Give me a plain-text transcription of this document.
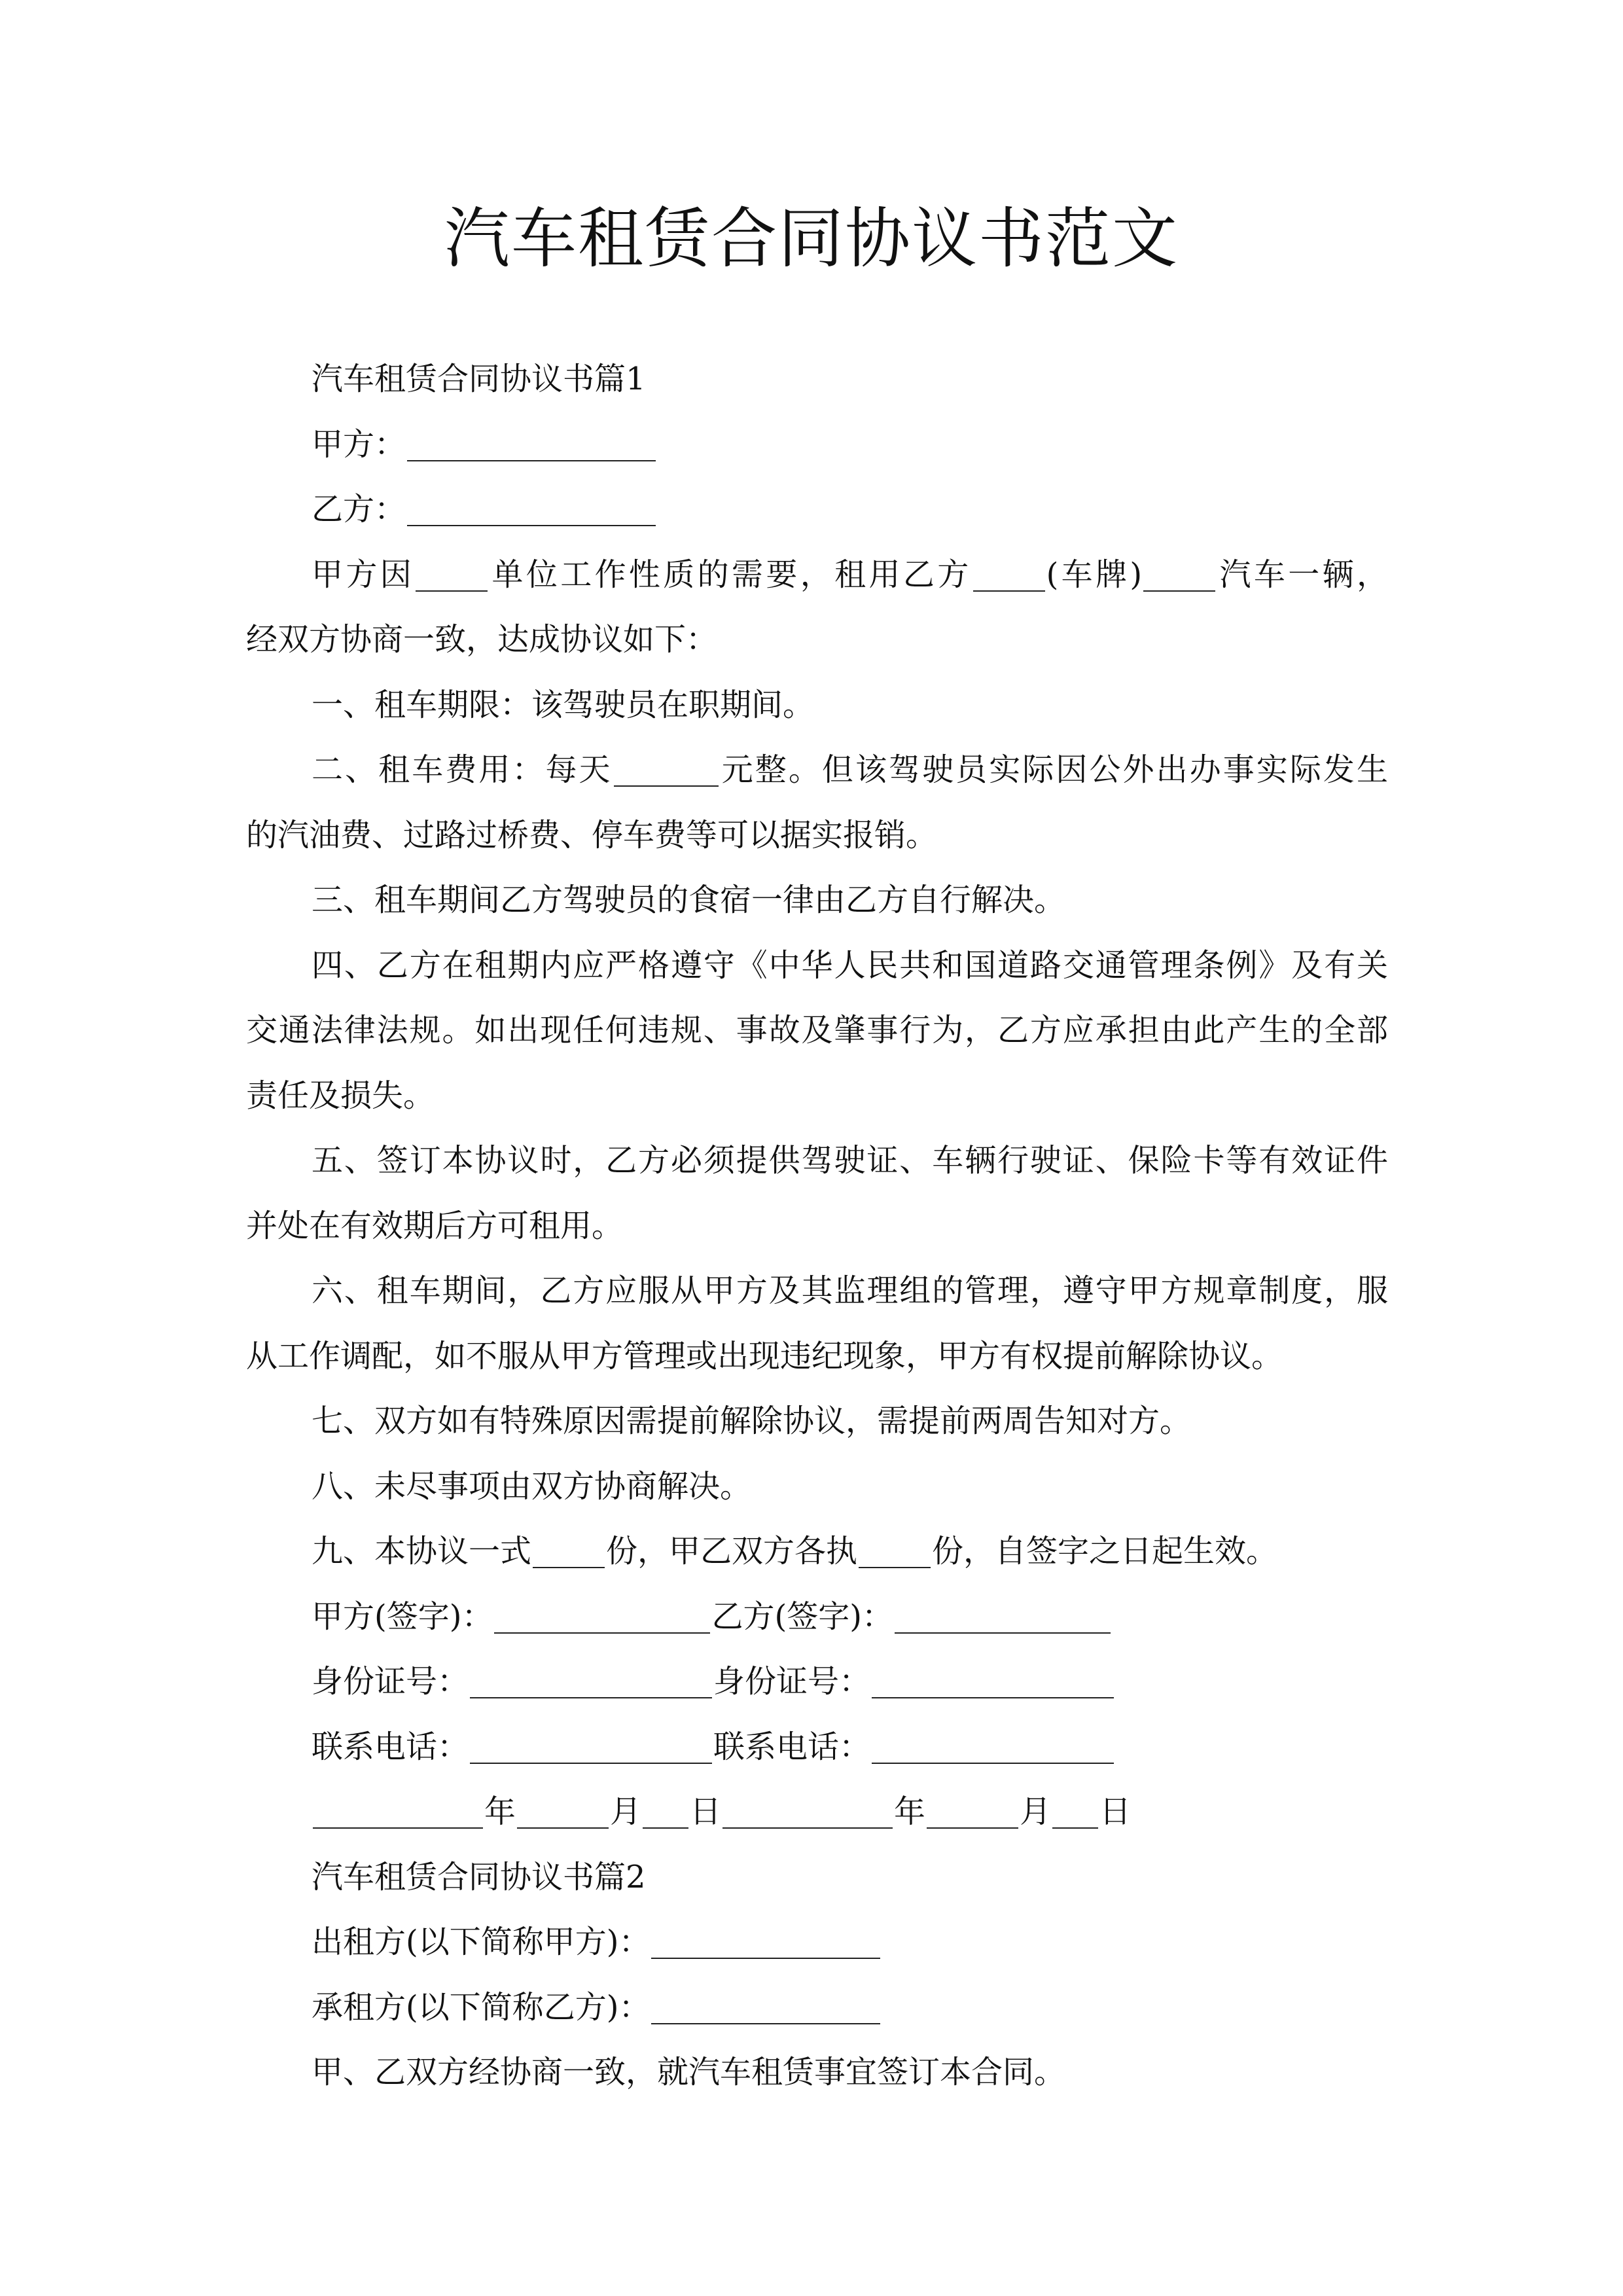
汽车租赁合同协议书范文
汽车租赁合同协议书篇1
甲方：
乙方：
甲方因 单位工作性质的需要，租用乙方 (车牌) 汽车一辆，
经双方协商一致，达成协议如下：
一、租车期限：该驾驶员在职期间。
二、租车费用：每天	元整。但该驾驶员实际因公外出办事实际发生
的汽油费、过路过桥费、停车费等可以据实报销。
三、租车期间乙方驾驶员的食宿一律由乙方自行解决。
四、乙方在租期内应严格遵守《中华人民共和国道路交通管理条例》及有关
交通法律法规。如出现任何违规、事故及肇事行为，乙方应承担由此产生的全部
责任及损失。
五、签订本协议时，乙方必须提供驾驶证、车辆行驶证、保险卡等有效证件
并处在有效期后方可租用。
六、租车期间，乙方应服从甲方及其监理组的管理，遵守甲方规章制度，服
从工作调配，如不服从甲方管理或出现违纪现象，甲方有权提前解除协议。
七、双方如有特殊原因需提前解除协议，需提前两周告知对方。
八、未尽事项由双方协商解决。
九、本协议一式 份，甲乙双方各执 份，自签字之日起生效。
甲方(签字)：	乙方(签字)：
身份证号：	身份证号：
联系电话：	联系电话：
年	月 日	年	月 日
汽车租赁合同协议书篇2
出租方(以下简称甲方)：
承租方(以下简称乙方)：
甲、乙双方经协商一致，就汽车租赁事宜签订本合同。
